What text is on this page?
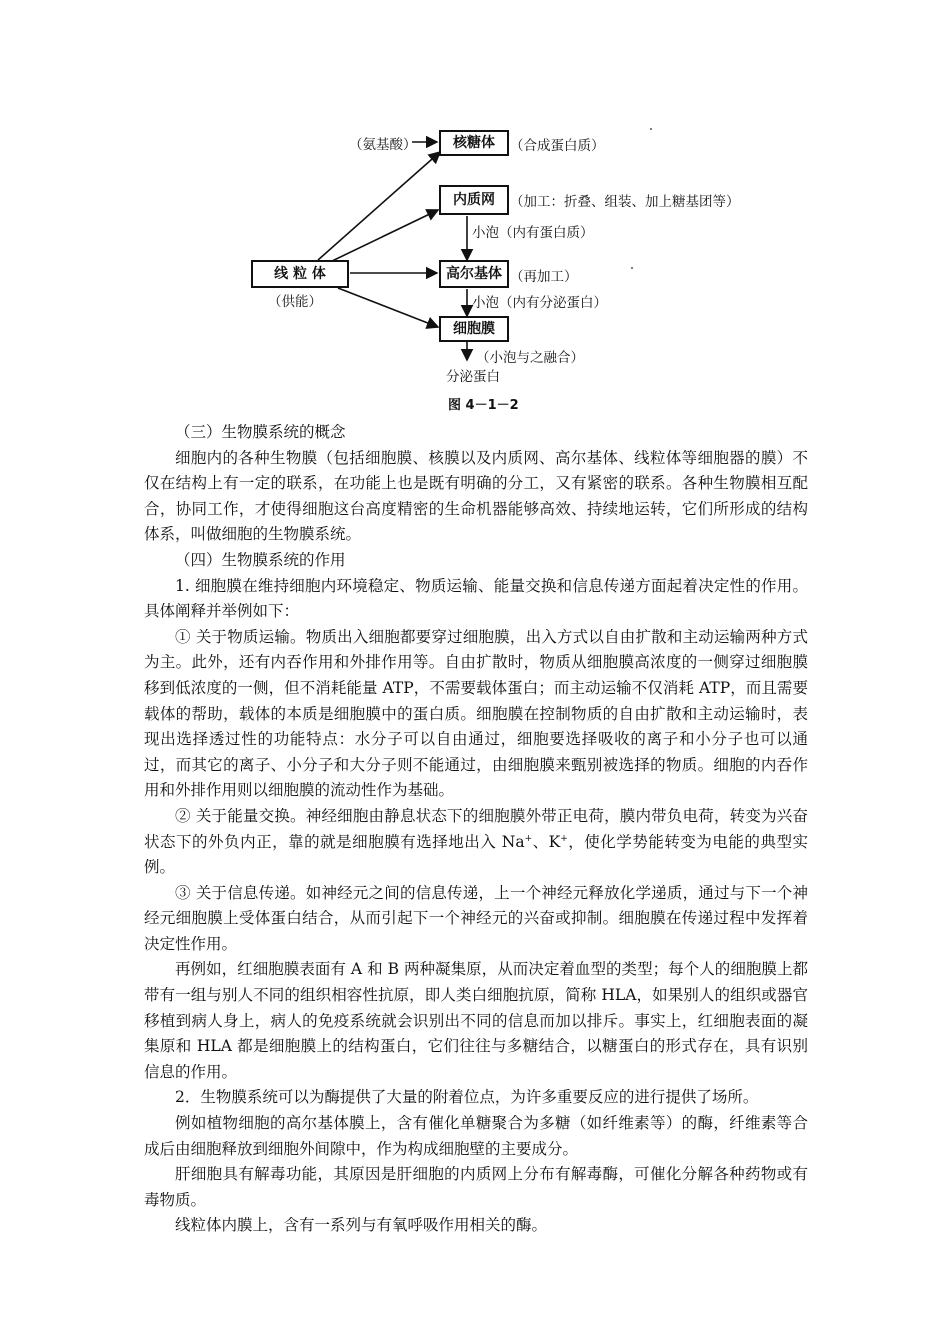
核糖体
内质网
高尔基体
细胞膜
线 粒 体
（氨基酸）	（合成蛋白质）
（加工：折叠、组装、加上糖基团等）
小泡（内有蛋白质）
（再加工）
小泡（内有分泌蛋白）
（小泡与之融合）
分泌蛋白
（供能）
图 4－1－2

（三）生物膜系统的概念

细胞内的各种生物膜（包括细胞膜、核膜以及内质网、高尔基体、线粒体等细胞器的膜）不仅在结构上有一定的联系，在功能上也是既有明确的分工，又有紧密的联系。各种生物膜相互配合，协同工作，才使得细胞这台高度精密的生命机器能够高效、持续地运转，它们所形成的结构体系，叫做细胞的生物膜系统。

（四）生物膜系统的作用

1. 细胞膜在维持细胞内环境稳定、物质运输、能量交换和信息传递方面起着决定性的作用。具体阐释并举例如下：

① 关于物质运输。物质出入细胞都要穿过细胞膜，出入方式以自由扩散和主动运输两种方式为主。此外，还有内吞作用和外排作用等。自由扩散时，物质从细胞膜高浓度的一侧穿过细胞膜移到低浓度的一侧，但不消耗能量 ATP，不需要载体蛋白；而主动运输不仅消耗 ATP，而且需要载体的帮助，载体的本质是细胞膜中的蛋白质。细胞膜在控制物质的自由扩散和主动运输时，表现出选择透过性的功能特点：水分子可以自由通过，细胞要选择吸收的离子和小分子也可以通过，而其它的离子、小分子和大分子则不能通过，由细胞膜来甄别被选择的物质。细胞的内吞作用和外排作用则以细胞膜的流动性作为基础。

② 关于能量交换。神经细胞由静息状态下的细胞膜外带正电荷，膜内带负电荷，转变为兴奋状态下的外负内正，靠的就是细胞膜有选择地出入 Na+、K+，使化学势能转变为电能的典型实例。

③ 关于信息传递。如神经元之间的信息传递，上一个神经元释放化学递质，通过与下一个神经元细胞膜上受体蛋白结合，从而引起下一个神经元的兴奋或抑制。细胞膜在传递过程中发挥着决定性作用。

再例如，红细胞膜表面有 A 和 B 两种凝集原，从而决定着血型的类型；每个人的细胞膜上都带有一组与别人不同的组织相容性抗原，即人类白细胞抗原，简称 HLA，如果别人的组织或器官移植到病人身上，病人的免疫系统就会识别出不同的信息而加以排斥。事实上，红细胞表面的凝集原和 HLA 都是细胞膜上的结构蛋白，它们往往与多糖结合，以糖蛋白的形式存在，具有识别信息的作用。

2．生物膜系统可以为酶提供了大量的附着位点，为许多重要反应的进行提供了场所。

例如植物细胞的高尔基体膜上，含有催化单糖聚合为多糖（如纤维素等）的酶，纤维素等合成后由细胞释放到细胞外间隙中，作为构成细胞壁的主要成分。

肝细胞具有解毒功能，其原因是肝细胞的内质网上分布有解毒酶，可催化分解各种药物或有毒物质。

线粒体内膜上，含有一系列与有氧呼吸作用相关的酶。
